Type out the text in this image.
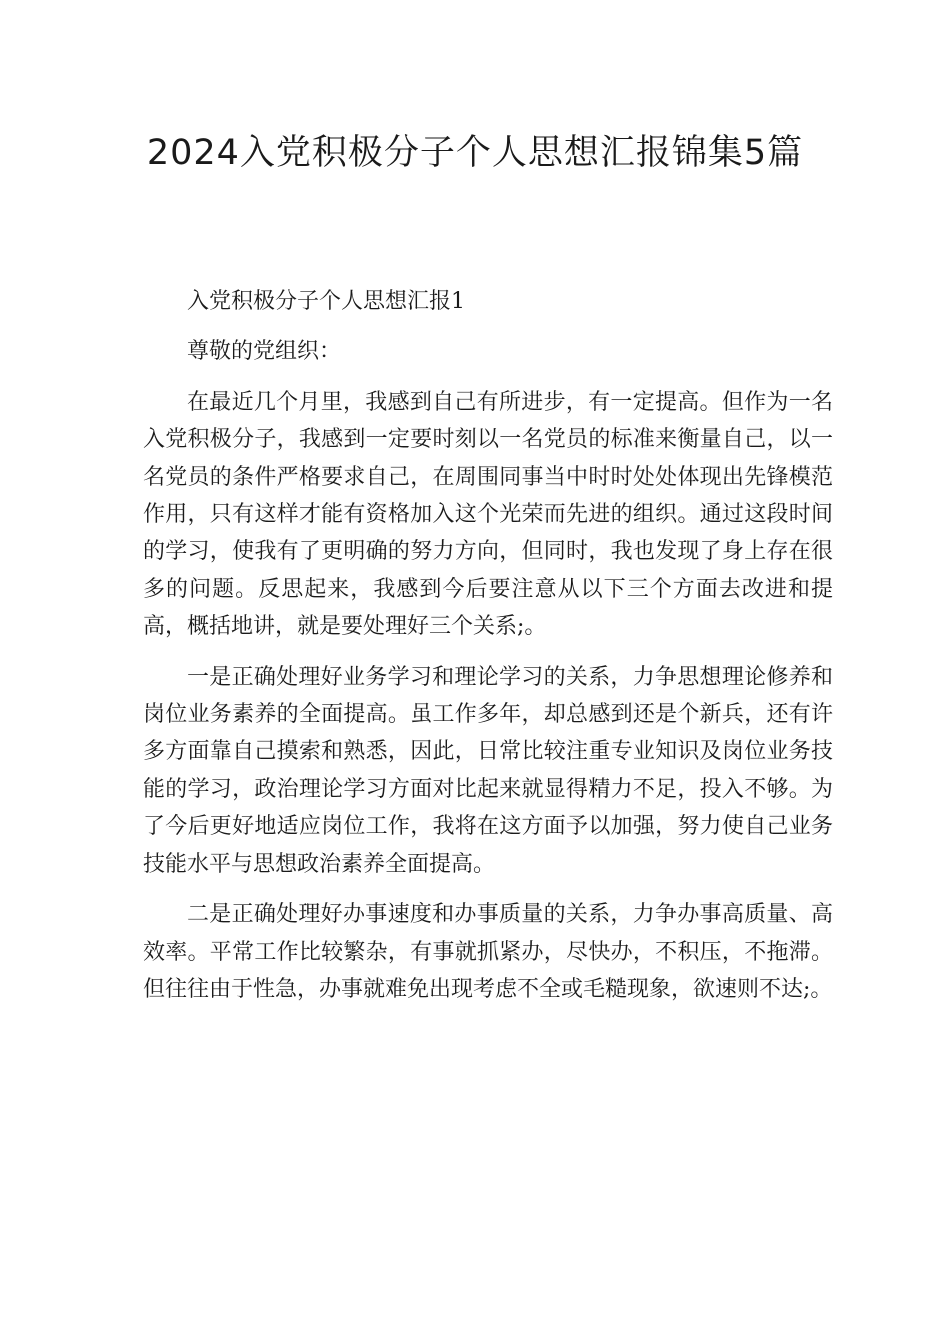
2024入党积极分子个人思想汇报锦集5篇

入党积极分子个人思想汇报1

尊敬的党组织：

在最近几个月里，我感到自己有所进步，有一定提高。但作为一名入党积极分子，我感到一定要时刻以一名党员的标准来衡量自己，以一名党员的条件严格要求自己，在周围同事当中时时处处体现出先锋模范作用，只有这样才能有资格加入这个光荣而先进的组织。通过这段时间的学习，使我有了更明确的努力方向，但同时，我也发现了身上存在很多的问题。反思起来，我感到今后要注意从以下三个方面去改进和提高，概括地讲，就是要处理好三个关系;。

一是正确处理好业务学习和理论学习的关系，力争思想理论修养和岗位业务素养的全面提高。虽工作多年，却总感到还是个新兵，还有许多方面靠自己摸索和熟悉，因此，日常比较注重专业知识及岗位业务技能的学习，政治理论学习方面对比起来就显得精力不足，投入不够。为了今后更好地适应岗位工作，我将在这方面予以加强，努力使自己业务技能水平与思想政治素养全面提高。

二是正确处理好办事速度和办事质量的关系，力争办事高质量、高效率。平常工作比较繁杂，有事就抓紧办，尽快办，不积压，不拖滞。但往往由于性急，办事就难免出现考虑不全或毛糙现象，欲速则不达;。
